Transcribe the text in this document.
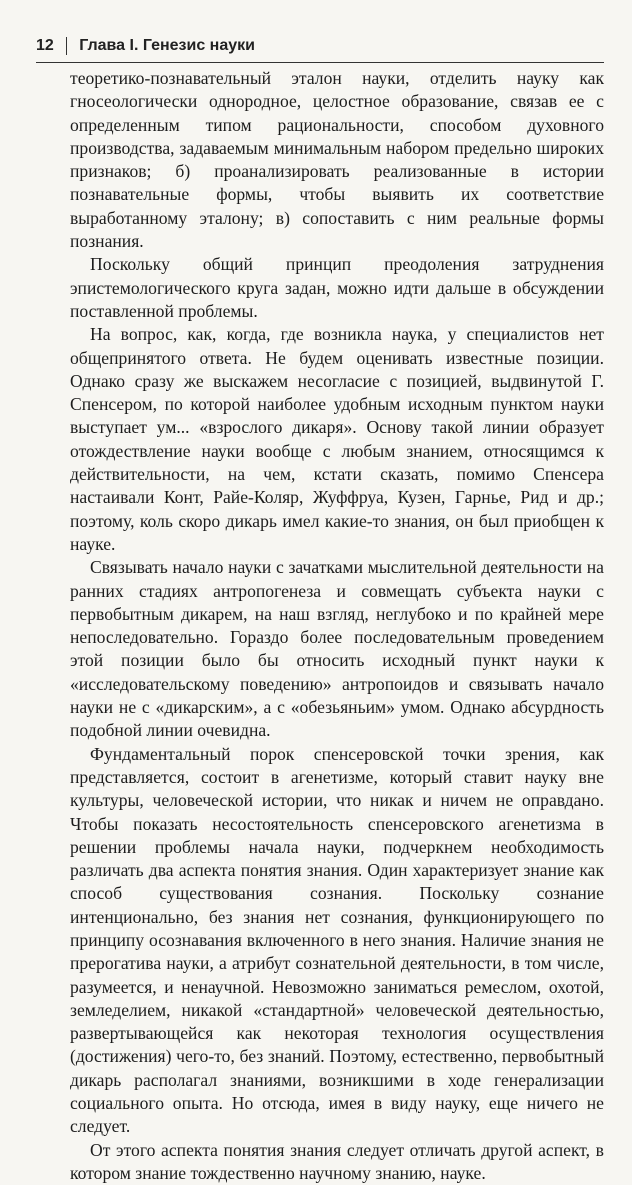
12 Глава I. Генезис науки

теоретико-познавательный эталон науки, отделить науку как гносеологически однородное, целостное образование, связав ее с определенным типом рациональности, способом духовного производства, задаваемым минимальным набором предельно широких признаков; б) проанализировать реализованные в истории познавательные формы, чтобы выявить их соответствие выработанному эталону; в) сопоставить с ним реальные формы познания.

Поскольку общий принцип преодоления затруднения эпистемологического круга задан, можно идти дальше в обсуждении поставленной проблемы.

На вопрос, как, когда, где возникла наука, у специалистов нет общепринятого ответа. Не будем оценивать известные позиции. Однако сразу же выскажем несогласие с позицией, выдвинутой Г. Спенсером, по которой наиболее удобным исходным пунктом науки выступает ум... «взрослого дикаря». Основу такой линии образует отождествление науки вообще с любым знанием, относящимся к действительности, на чем, кстати сказать, помимо Спенсера настаивали Конт, Райе-Коляр, Жуффруа, Кузен, Гарнье, Рид и др.; поэтому, коль скоро дикарь имел какие-то знания, он был приобщен к науке.

Связывать начало науки с зачатками мыслительной деятельности на ранних стадиях антропогенеза и совмещать субъекта науки с первобытным дикарем, на наш взгляд, неглубоко и по крайней мере непоследовательно. Гораздо более последовательным проведением этой позиции было бы относить исходный пункт науки к «исследовательскому поведению» антропоидов и связывать начало науки не с «дикарским», а с «обезьяньим» умом. Однако абсурдность подобной линии очевидна.

Фундаментальный порок спенсеровской точки зрения, как представляется, состоит в агенетизме, который ставит науку вне культуры, человеческой истории, что никак и ничем не оправдано. Чтобы показать несостоятельность спенсеровского агенетизма в решении проблемы начала науки, подчеркнем необходимость различать два аспекта понятия знания. Один характеризует знание как способ существования сознания. Поскольку сознание интенционально, без знания нет сознания, функционирующего по принципу осознавания включенного в него знания. Наличие знания не прерогатива науки, а атрибут сознательной деятельности, в том числе, разумеется, и ненаучной. Невозможно заниматься ремеслом, охотой, земледелием, никакой «стандартной» человеческой деятельностью, развертывающейся как некоторая технология осуществления (достижения) чего-то, без знаний. Поэтому, естественно, первобытный дикарь располагал знаниями, возникшими в ходе генерализации социального опыта. Но отсюда, имея в виду науку, еще ничего не следует.

От этого аспекта понятия знания следует отличать другой аспект, в котором знание тождественно научному знанию, науке.
